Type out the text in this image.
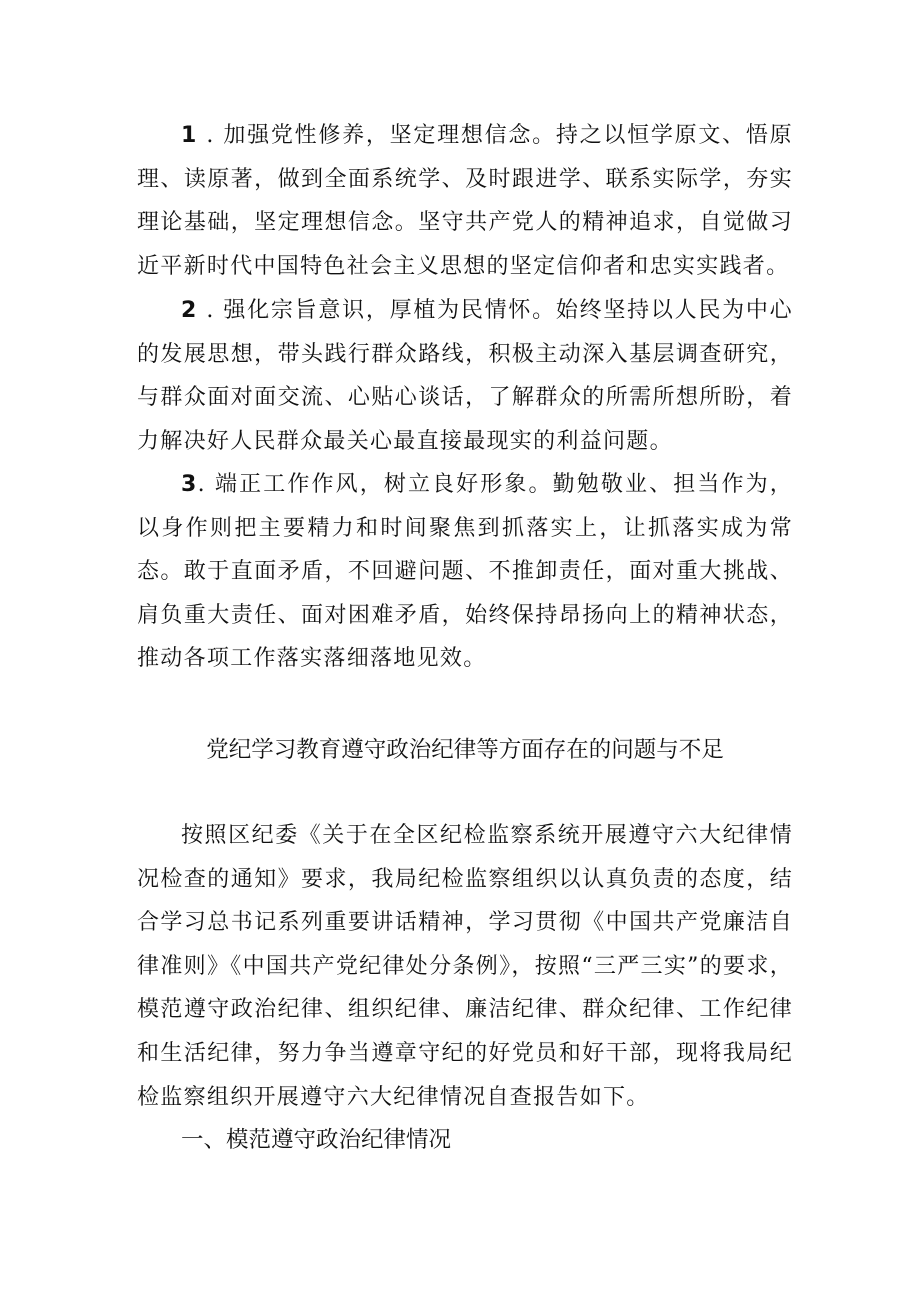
1 . 加强党性修养，坚定理想信念。持之以恒学原文、悟原理、读原著，做到全面系统学、及时跟进学、联系实际学，夯实理论基础，坚定理想信念。坚守共产党人的精神追求，自觉做习近平新时代中国特色社会主义思想的坚定信仰者和忠实实践者。

2 . 强化宗旨意识，厚植为民情怀。始终坚持以人民为中心的发展思想，带头践行群众路线，积极主动深入基层调查研究，与群众面对面交流、心贴心谈话，了解群众的所需所想所盼，着力解决好人民群众最关心最直接最现实的利益问题。

3. 端正工作作风，树立良好形象。勤勉敬业、担当作为，以身作则把主要精力和时间聚焦到抓落实上，让抓落实成为常态。敢于直面矛盾，不回避问题、不推卸责任，面对重大挑战、肩负重大责任、面对困难矛盾，始终保持昂扬向上的精神状态，推动各项工作落实落细落地见效。

党纪学习教育遵守政治纪律等方面存在的问题与不足

按照区纪委《关于在全区纪检监察系统开展遵守六大纪律情况检查的通知》要求，我局纪检监察组织以认真负责的态度，结合学习总书记系列重要讲话精神，学习贯彻《中国共产党廉洁自律准则》《中国共产党纪律处分条例》，按照“三严三实”的要求，模范遵守政治纪律、组织纪律、廉洁纪律、群众纪律、工作纪律和生活纪律，努力争当遵章守纪的好党员和好干部，现将我局纪检监察组织开展遵守六大纪律情况自查报告如下。

一、模范遵守政治纪律情况
